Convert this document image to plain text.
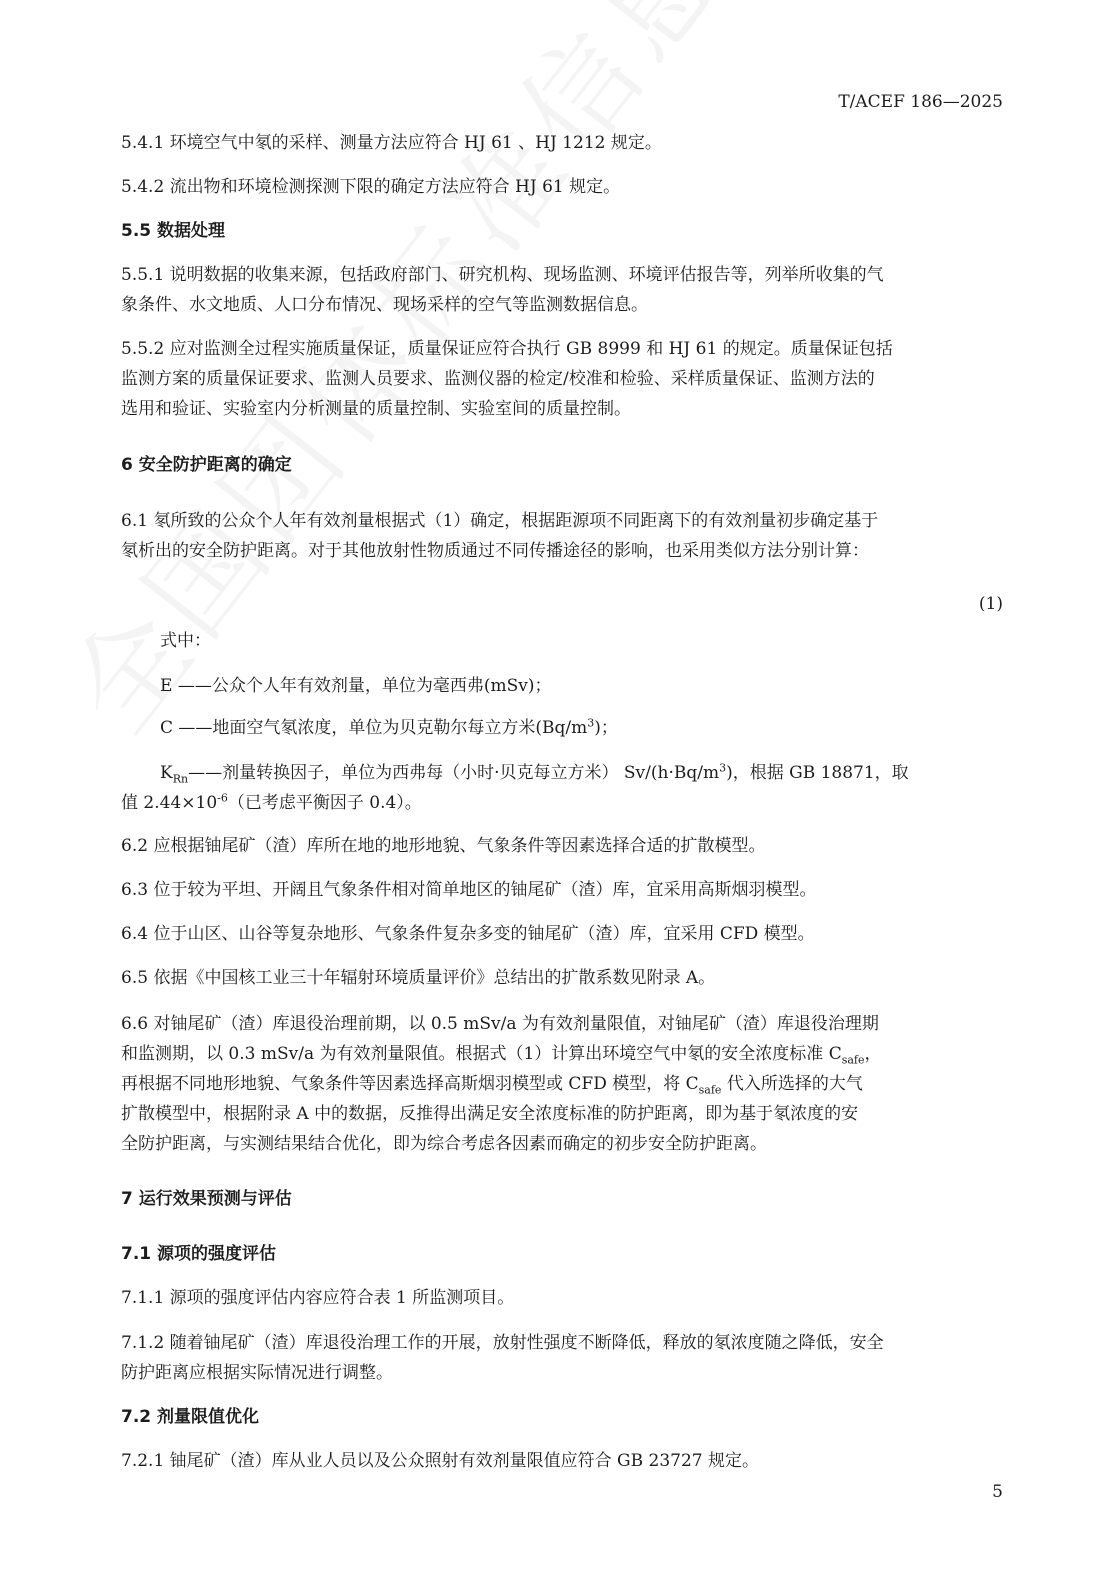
T/ACEF 186—2025
5.4.1 环境空气中氡的采样、测量方法应符合 HJ 61 、HJ 1212 规定。
5.4.2 流出物和环境检测探测下限的确定方法应符合 HJ 61 规定。
5.5 数据处理
5.5.1 说明数据的收集来源，包括政府部门、研究机构、现场监测、环境评估报告等，列举所收集的气
象条件、水文地质、人口分布情况、现场采样的空气等监测数据信息。
5.5.2 应对监测全过程实施质量保证，质量保证应符合执行 GB 8999 和 HJ 61 的规定。质量保证包括
监测方案的质量保证要求、监测人员要求、监测仪器的检定/校准和检验、采样质量保证、监测方法的
选用和验证、实验室内分析测量的质量控制、实验室间的质量控制。
6 安全防护距离的确定
6.1 氡所致的公众个人年有效剂量根据式（1）确定，根据距源项不同距离下的有效剂量初步确定基于
氡析出的安全防护距离。对于其他放射性物质通过不同传播途径的影响，也采用类似方法分别计算：
(1)
式中：
E ——公众个人年有效剂量，单位为毫西弗(mSv)；
C ——地面空气氡浓度，单位为贝克勒尔每立方米$(Bq/m^3)$；
$K_{Rn}——$剂量转换因子，单位为西弗每（小时·贝克每立方米） $Sv/(h\cdot Bq/m^3)$，根据 GB 18871，取
值 $2.44\times 10^{-6}$（已考虑平衡因子 0.4）。
6.2 应根据铀尾矿（渣）库所在地的地形地貌、气象条件等因素选择合适的扩散模型。
6.3 位于较为平坦、开阔且气象条件相对简单地区的铀尾矿（渣）库，宜采用高斯烟羽模型。
6.4 位于山区、山谷等复杂地形、气象条件复杂多变的铀尾矿（渣）库，宜采用 CFD 模型。
6.5 依据《中国核工业三十年辐射环境质量评价》总结出的扩散系数见附录 A。
6.6 对铀尾矿（渣）库退役治理前期，以 0.5 mSv/a 为有效剂量限值，对铀尾矿（渣）库退役治理期
和监测期，以 0.3 mSv/a 为有效剂量限值。根据式（1）计算出环境空气中氡的安全浓度标准 $C_{safe}$，
再根据不同地形地貌、气象条件等因素选择高斯烟羽模型或 CFD 模型，将 $C_{safe}$ 代入所选择的大气
扩散模型中，根据附录 A 中的数据，反推得出满足安全浓度标准的防护距离，即为基于氡浓度的安
全防护距离，与实测结果结合优化，即为综合考虑各因素而确定的初步安全防护距离。
7 运行效果预测与评估
7.1 源项的强度评估
7.1.1 源项的强度评估内容应符合表 1 所监测项目。
7.1.2 随着铀尾矿（渣）库退役治理工作的开展，放射性强度不断降低，释放的氡浓度随之降低，安全
防护距离应根据实际情况进行调整。
7.2 剂量限值优化
7.2.1 铀尾矿（渣）库从业人员以及公众照射有效剂量限值应符合 GB 23727 规定。
5
